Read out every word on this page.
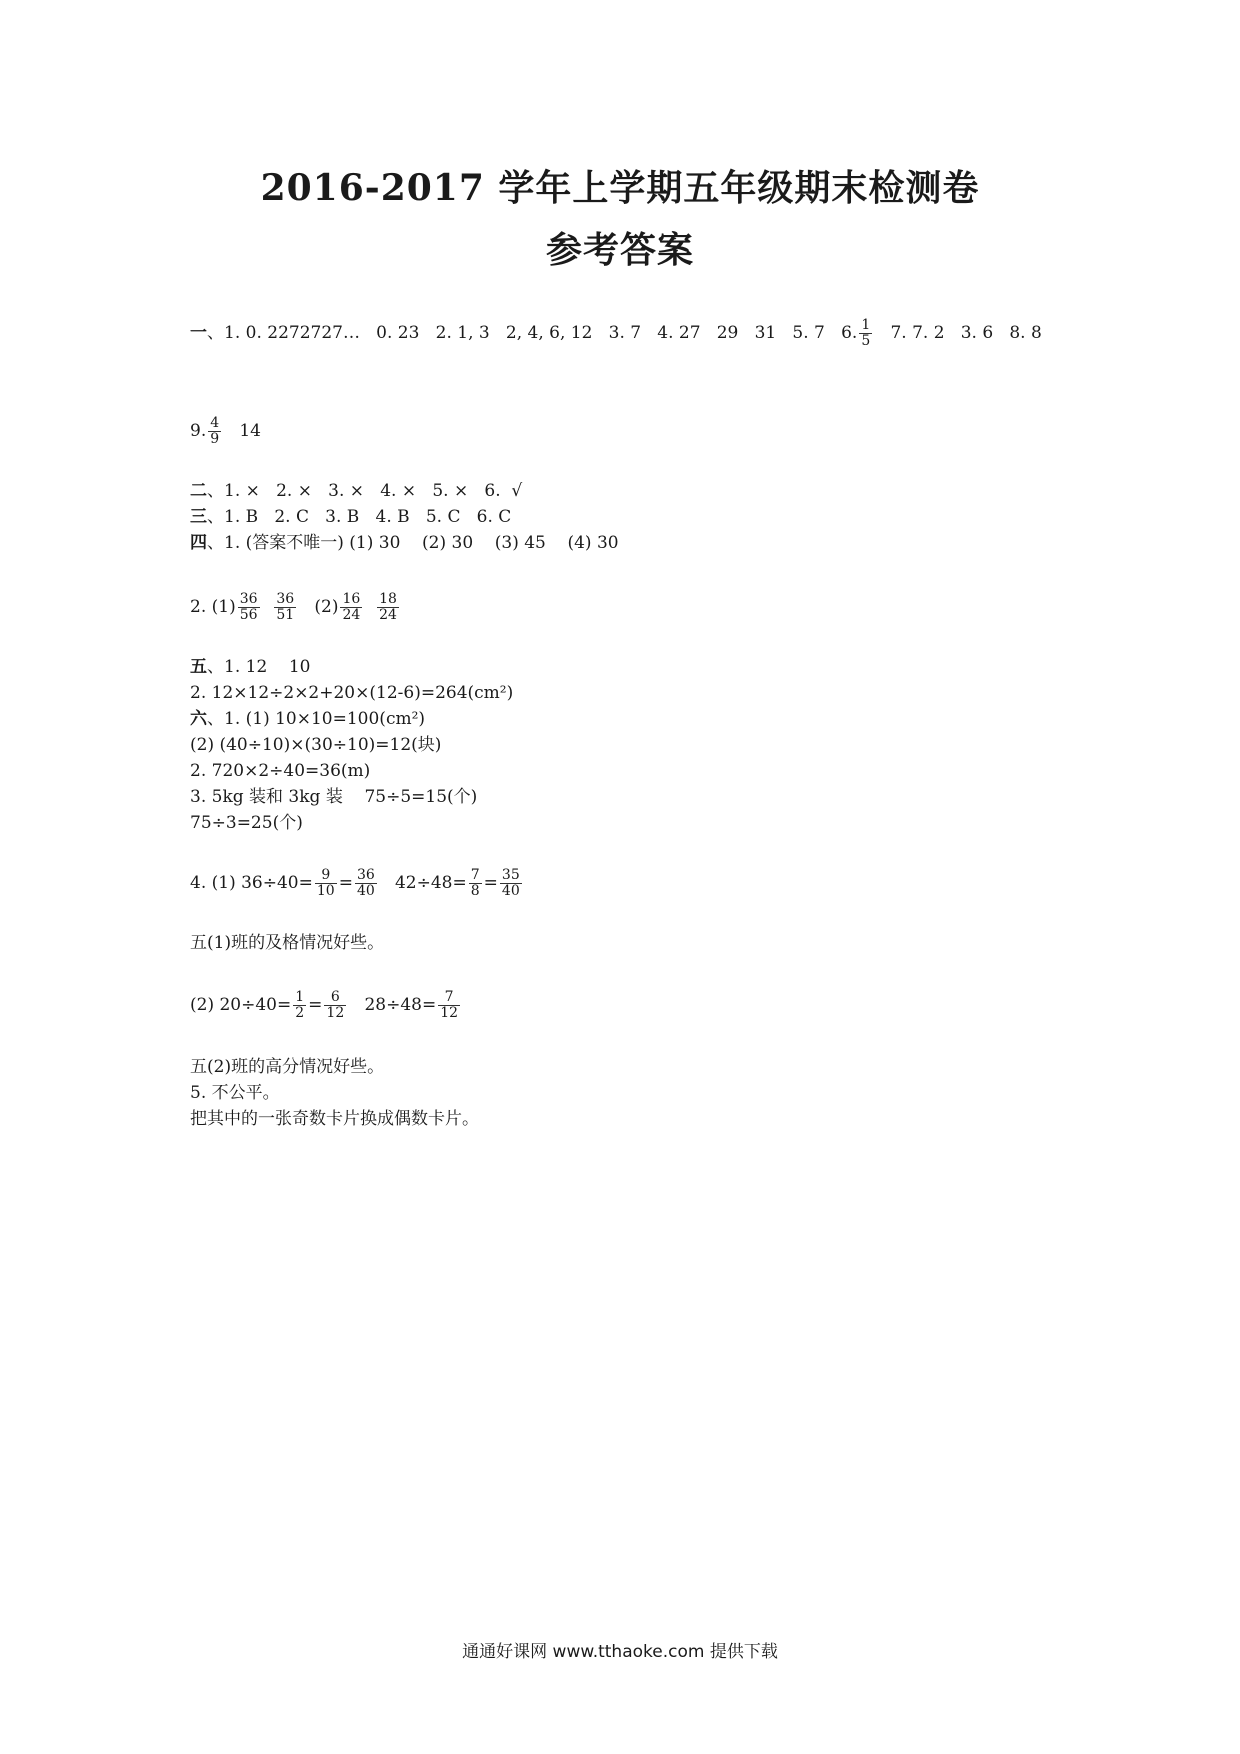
2016-2017 学年上学期五年级期末检测卷
参考答案
一、1. 0. 2272727…   0. 23   2. 1, 3   2, 4, 6, 12   3. 7   4. 27   29   31   5. 7   6. $\frac{1}{5} 7$. 7. 2   3. 6   8. 8
9. $\frac{4}{9} 14$
二、1. ×   2. ×   3. ×   4. ×   5. ×   6.  √
三、1. B   2. C   3. B   4. B   5. C   6. C
四、1. (答案不唯一) (1) 30    (2) 30    (3) 45    (4) 30
2. $(1) \frac{36}{56}$
$\frac{36}{51} (2) \frac{16}{24}$
$\frac{18}{24}$
五、1. 12    10
2. 12×12÷2×2+20×(12-6)=264(cm²)
六、1. (1) 10×10=100(cm²)
(2) (40÷10)×(30÷10)=12(块)
2. 720×2÷40=36(m)
3. 5kg 装和 3kg 装    75÷5=15(个)
75÷3=25(个)
4. (1) $36\div 40= \frac{9}{10} = \frac{36}{40} 42\div 48= \frac{7}{8} = \frac{35}{40}$
五(1)班的及格情况好些。
(2) $20\div 40= \frac{1}{2} = \frac{6}{12} 28\div 48= \frac{7}{12}$
五(2)班的高分情况好些。
5. 不公平。
把其中的一张奇数卡片换成偶数卡片。
通通好课网 www.tthaoke.com 提供下载
